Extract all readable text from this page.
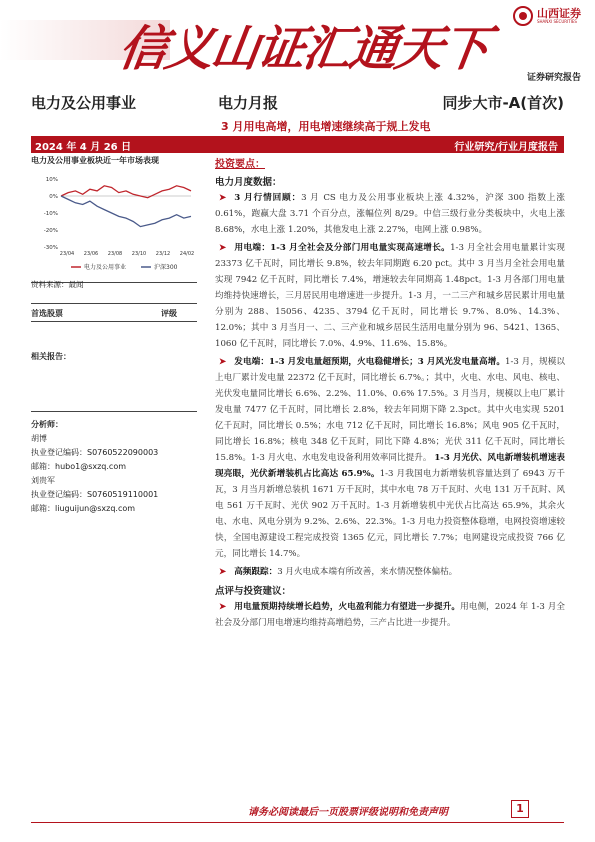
信义山证汇通天下
山西证券
SHANXI SECURITIES
证券研究报告
电力及公用事业	电力月报	同步大市-A(首次)
3 月用电高增，用电增速继续高于规上发电
2024 年 4 月 26 日	行业研究/行业月度报告
电力及公用事业板块近一年市场表现
10%
0%
-10%
-20%
-30%
23/04 23/06 23/08 23/10 23/12 24/02
电力及公用事业	沪深300
资料来源：最闻
首选股票	评级
相关报告：
分析师：
胡博
执业登记编码：S0760522090003
邮箱：hubo1@sxzq.com
刘贵军
执业登记编码：S0760519110001
邮箱：liuguijun@sxzq.com
投资要点：
电力月度数据：

➤ 3 月行情回顾：3 月 CS 电力及公用事业板块上涨 4.32%，沪深 300 指数上涨 0.61%，跑赢大盘 3.71 个百分点，涨幅位列 8/29。中信三级行业分类板块中，火电上涨 8.68%，水电上涨 1.20%，其他发电上涨 2.27%，电网上涨 0.98%。

➤ 用电端：1-3 月全社会及分部门用电量实现高速增长。1-3 月全社会用电量累计实现 23373 亿千瓦时，同比增长 9.8%，较去年同期跑 6.20 pct。其中 3 月当月全社会用电量实现 7942 亿千瓦时，同比增长 7.4%，增速较去年同期高 1.48pct。1-3 月各部门用电量均维持快速增长，三月居民用电增速进一步提升。1-3 月，一二三产和城乡居民累计用电量分别为 288、15056、4235、3794 亿千瓦时，同比增长 9.7%、8.0%、14.3%、12.0%；其中 3 月当月一、二、三产业和城乡居民生活用电量分别为 96、5421、1365、1060 亿千瓦时，同比增长 7.0%、4.9%、11.6%、15.8%。

➤ 发电端：1-3 月发电量超预期，火电稳健增长；3 月风光发电量高增。1-3 月，规模以上电厂累计发电量 22372 亿千瓦时，同比增长 6.7%。；其中，火电、水电、风电、核电、光伏发电量同比增长 6.6%、2.2%、11.0%、0.6% 17.5%。3 月当月，规模以上电厂累计发电量 7477 亿千瓦时，同比增长 2.8%，较去年同期下降 2.3pct。其中火电实现 5201 亿千瓦时，同比增长 0.5%；水电 712 亿千瓦时，同比增长 16.8%；风电 905 亿千瓦时，同比增长 16.8%；核电 348 亿千瓦时，同比下降 4.8%；光伏 311 亿千瓦时，同比增长 15.8%。1-3 月火电、水电发电设备利用效率同比提升。 1-3 月光伏、风电新增装机增速表现亮眼，光伏新增装机占比高达 65.9%。1-3 月我国电力新增装机容量达到了 6943 万千瓦，3 月当月新增总装机 1671 万千瓦时，其中水电 78 万千瓦时、火电 131 万千瓦时、风电 561 万千瓦时、光伏 902 万千瓦时。1-3 月新增装机中光伏占比高达 65.9%，其余火电、水电、风电分别为 9.2%、2.6%、22.3%。1-3 月电力投资整体稳增，电网投资增速较快，全国电源建设工程完成投资 1365 亿元，同比增长 7.7%；电网建设完成投资 766 亿元，同比增长 14.7%。

➤ 高频跟踪：3 月火电成本端有所改善，来水情况整体偏枯。

点评与投资建议：

➤ 用电量预期持续增长趋势，火电盈利能力有望进一步提升。用电侧，2024 年 1-3 月全社会及分部门用电增速均维持高增趋势，三产占比进一步提升。

请务必阅读最后一页股票评级说明和免责声明	1
